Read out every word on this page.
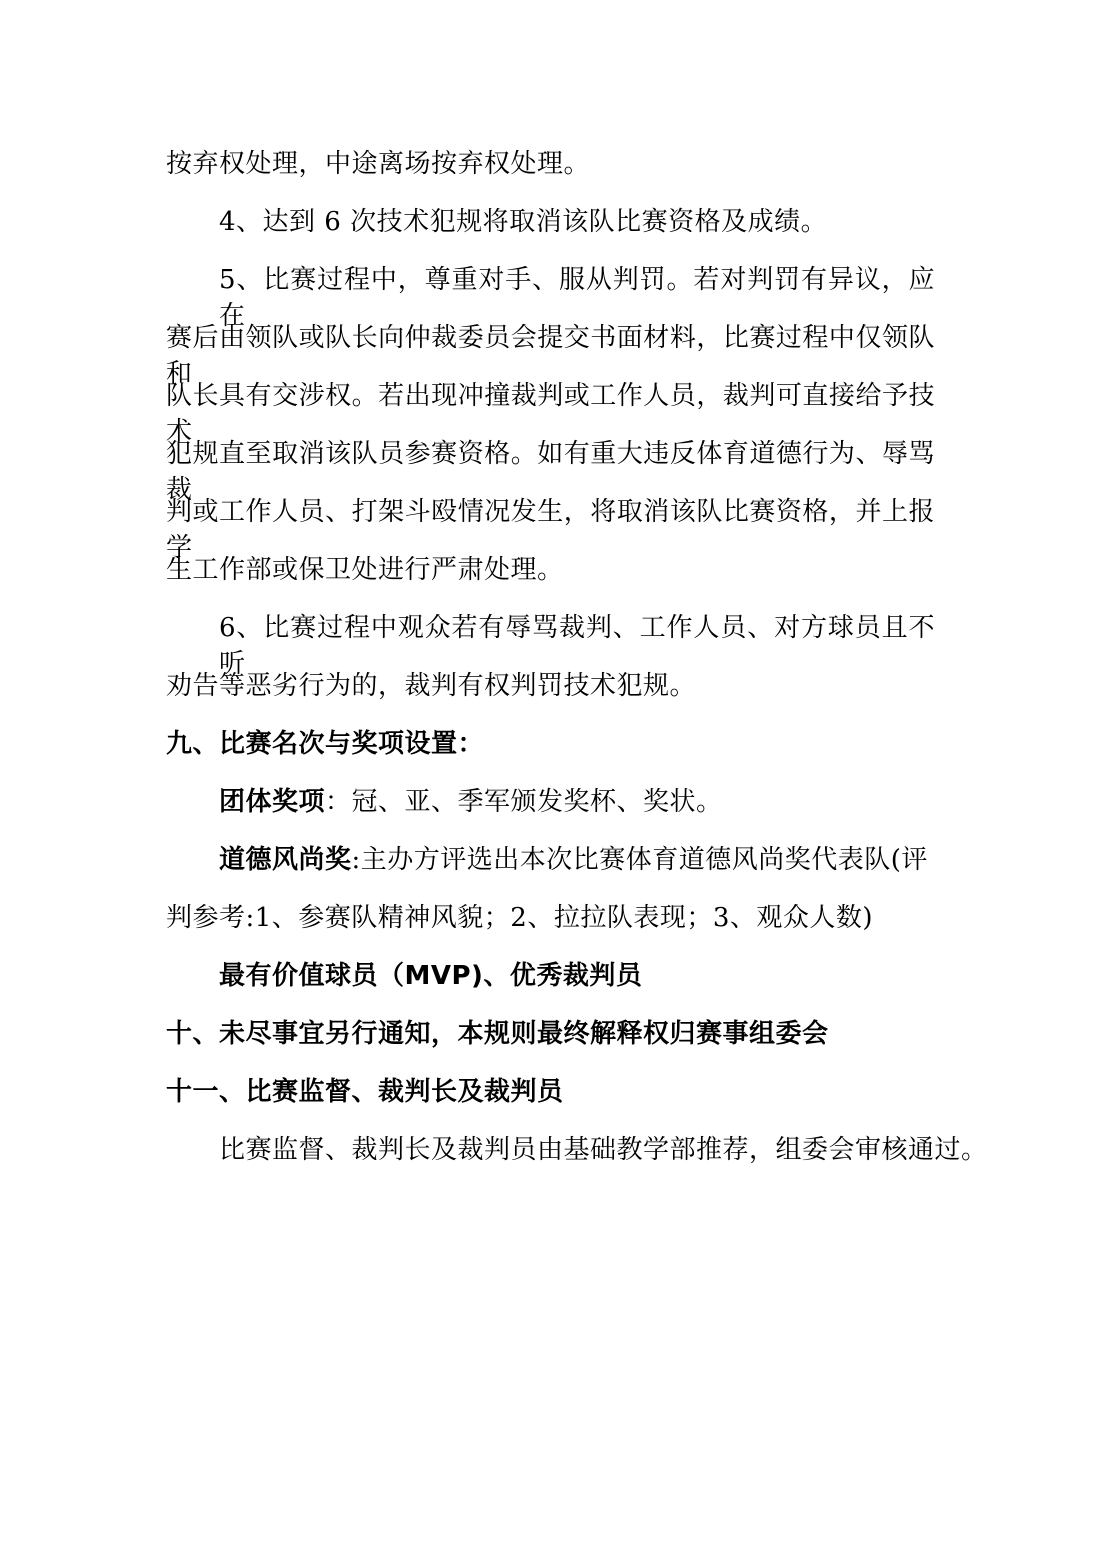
按弃权处理，中途离场按弃权处理。
4、达到 6 次技术犯规将取消该队比赛资格及成绩。
5、比赛过程中，尊重对手、服从判罚。若对判罚有异议，应在
赛后由领队或队长向仲裁委员会提交书面材料，比赛过程中仅领队和
队长具有交涉权。若出现冲撞裁判或工作人员，裁判可直接给予技术
犯规直至取消该队员参赛资格。如有重大违反体育道德行为、辱骂裁
判或工作人员、打架斗殴情况发生，将取消该队比赛资格，并上报学
生工作部或保卫处进行严肃处理。
6、比赛过程中观众若有辱骂裁判、工作人员、对方球员且不听
劝告等恶劣行为的，裁判有权判罚技术犯规。
九、比赛名次与奖项设置：
团体奖项：冠、亚、季军颁发奖杯、奖状。
道德风尚奖:主办方评选出本次比赛体育道德风尚奖代表队(评
判参考:1、参赛队精神风貌；2、拉拉队表现；3、观众人数)
最有价值球员（MVP)、优秀裁判员
十、未尽事宜另行通知，本规则最终解释权归赛事组委会
十一、比赛监督、裁判长及裁判员
比赛监督、裁判长及裁判员由基础教学部推荐，组委会审核通过。
